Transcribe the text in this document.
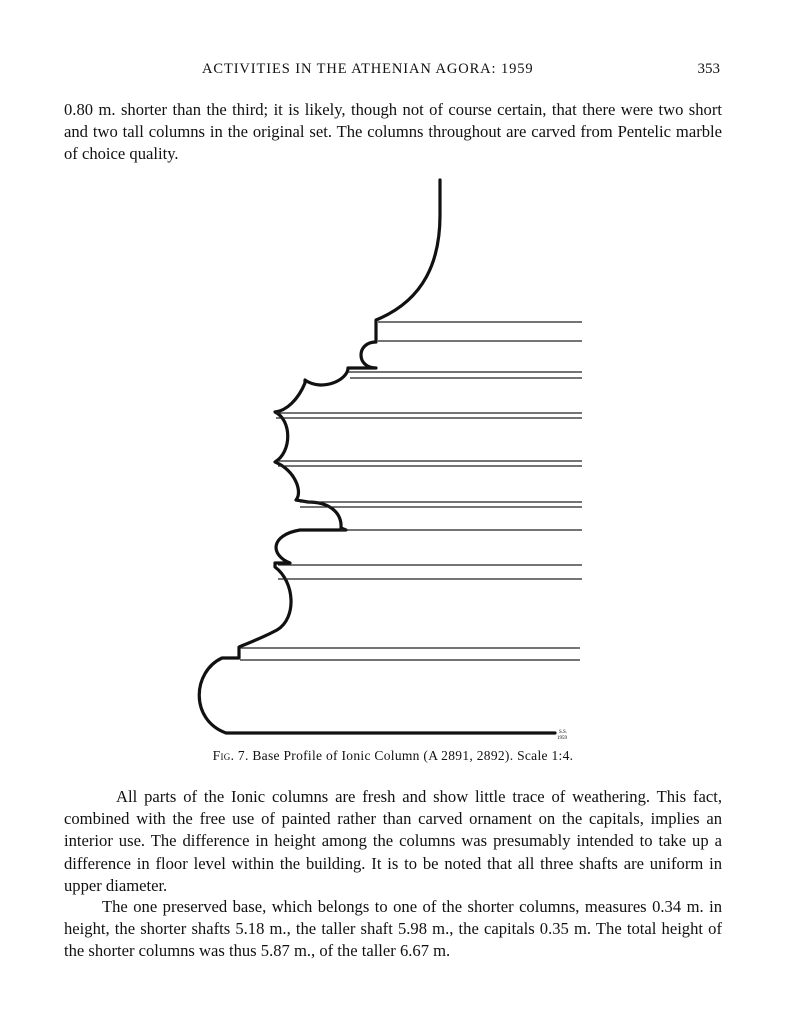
ACTIVITIES IN THE ATHENIAN AGORA: 1959	353

0.80 m. shorter than the third; it is likely, though not of course certain, that there were two short and two tall columns in the original set. The columns throughout are carved from Pentelic marble of choice quality.

S.S.
1959
Fig. 7. Base Profile of Ionic Column (A 2891, 2892). Scale 1:4.

All parts of the Ionic columns are fresh and show little trace of weathering. This fact, combined with the free use of painted rather than carved ornament on the capitals, implies an interior use. The difference in height among the columns was presumably intended to take up a difference in floor level within the building. It is to be noted that all three shafts are uniform in upper diameter.

The one preserved base, which belongs to one of the shorter columns, measures 0.34 m. in height, the shorter shafts 5.18 m., the taller shaft 5.98 m., the capitals 0.35 m. The total height of the shorter columns was thus 5.87 m., of the taller 6.67 m.
